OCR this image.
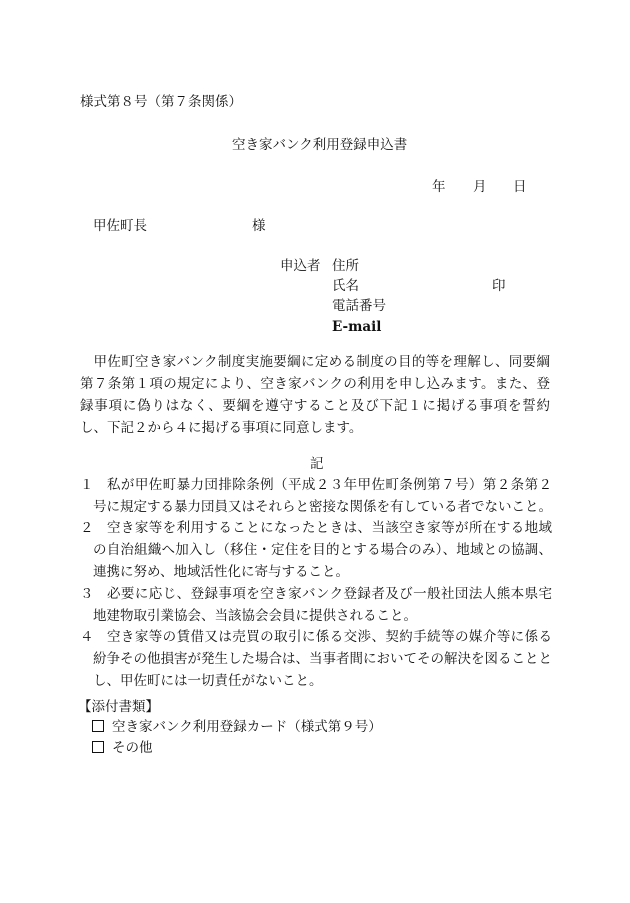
様式第８号（第７条関係）
空き家バンク利用登録申込書
年 月 日
甲佐町長	様
申込者 住所
氏名	印
電話番号
E-mail
甲佐町空き家バンク制度実施要綱に定める制度の目的等を理解し、同要綱第７条第１項の規定により、空き家バンクの利用を申し込みます。また、登録事項に偽りはなく、要綱を遵守すること及び下記１に掲げる事項を誓約し、下記２から４に掲げる事項に同意します。
記
１	私が甲佐町暴力団排除条例（平成２３年甲佐町条例第７号）第２条第２号に規定する暴力団員又はそれらと密接な関係を有している者でないこと。
２	空き家等を利用することになったときは、当該空き家等が所在する地域の自治組織へ加入し（移住・定住を目的とする場合のみ）、地域との協調、連携に努め、地域活性化に寄与すること。
３	必要に応じ、登録事項を空き家バンク登録者及び一般社団法人熊本県宅地建物取引業協会、当該協会会員に提供されること。
４	空き家等の賃借又は売買の取引に係る交渉、契約手続等の媒介等に係る紛争その他損害が発生した場合は、当事者間においてその解決を図ることとし、甲佐町には一切責任がないこと。
【添付書類】
空き家バンク利用登録カード（様式第９号）
その他
